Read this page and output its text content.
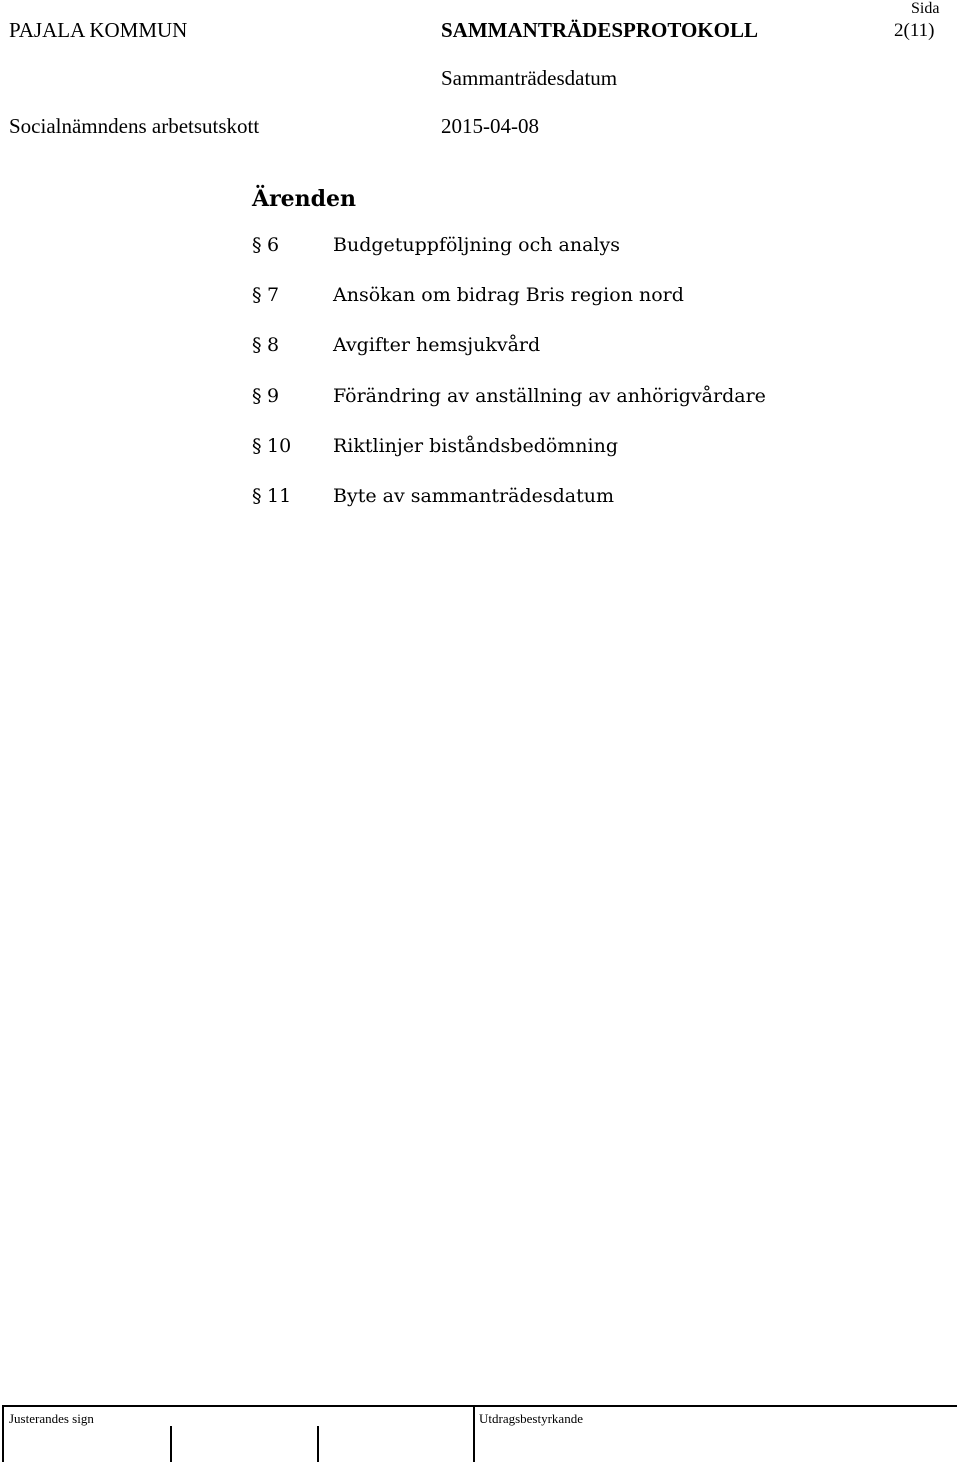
PAJALA KOMMUN	SAMMANTRÄDESPROTOKOLL
Sida
2(11)
Sammanträdesdatum
Socialnämndens arbetsutskott	2015-04-08
Ärenden
§ 6	Budgetuppföljning och analys
§ 7	Ansökan om bidrag Bris region nord
§ 8	Avgifter hemsjukvård
§ 9	Förändring av anställning av anhörigvårdare
§ 10 Riktlinjer biståndsbedömning
§ 11 Byte av sammanträdesdatum
Justerandes sign	Utdragsbestyrkande
